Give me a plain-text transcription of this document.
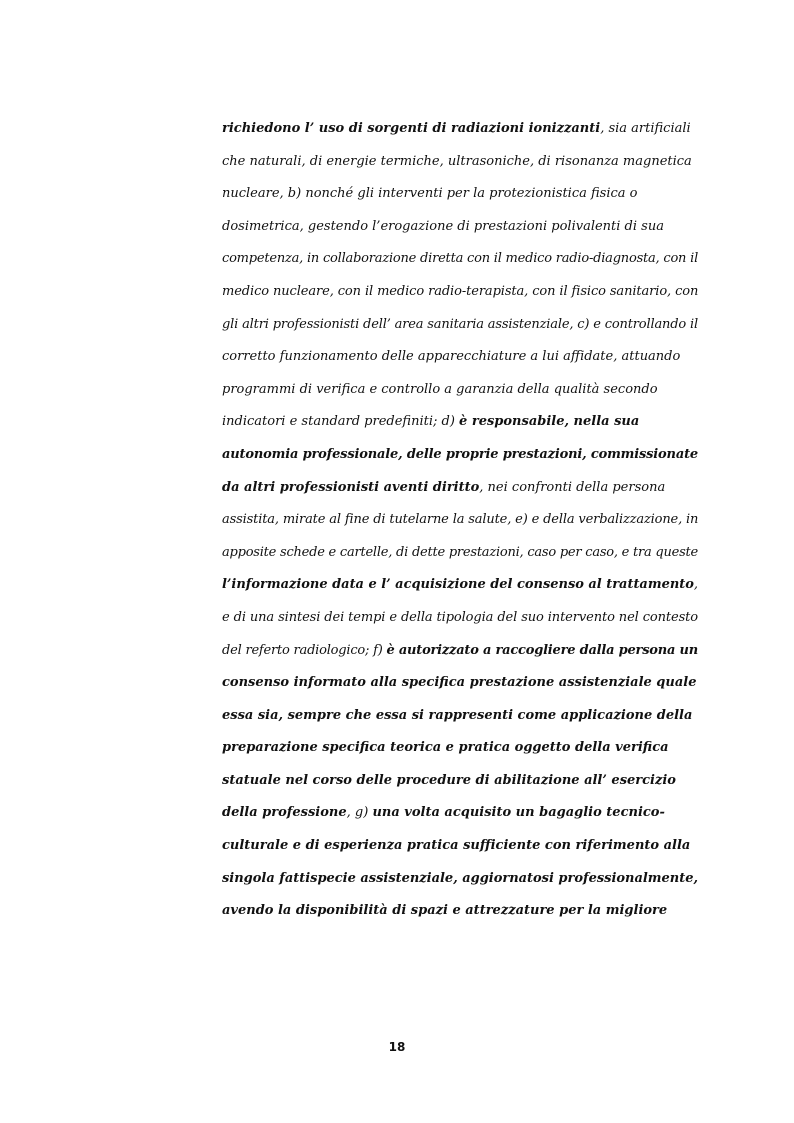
richiedono l’ uso di sorgenti di radiazioni ionizzanti, sia artificiali
che naturali, di energie termiche, ultrasoniche, di risonanza magnetica
nucleare, b) nonché gli interventi per la protezionistica fisica o
dosimetrica, gestendo l’erogazione di prestazioni polivalenti di sua
competenza, in collaborazione diretta con il medico radio-diagnosta, con il
medico nucleare, con il medico radio-terapista, con il fisico sanitario, con
gli altri professionisti dell’ area sanitaria assistenziale, c) e controllando il
corretto funzionamento delle apparecchiature a lui affidate, attuando
programmi di verifica e controllo a garanzia della qualità secondo
indicatori e standard predefiniti; d) è responsabile, nella sua
autonomia professionale, delle proprie prestazioni, commissionate
da altri professionisti aventi diritto, nei confronti della persona
assistita, mirate al fine di tutelarne la salute, e) e della verbalizzazione, in
apposite schede e cartelle, di dette prestazioni, caso per caso, e tra queste
l’informazione data e l’ acquisizione del consenso al trattamento,
e di una sintesi dei tempi e della tipologia del suo intervento nel contesto
del referto radiologico; f) è autorizzato a raccogliere dalla persona un
consenso informato alla specifica prestazione assistenziale quale
essa sia, sempre che essa si rappresenti come applicazione della
preparazione specifica teorica e pratica oggetto della verifica
statuale nel corso delle procedure di abilitazione all’ esercizio
della professione, g) una volta acquisito un bagaglio tecnico-
culturale e di esperienza pratica sufficiente con riferimento alla
singola fattispecie assistenziale, aggiornatosi professionalmente,
avendo la disponibilità di spazi e attrezzature per la migliore
18
